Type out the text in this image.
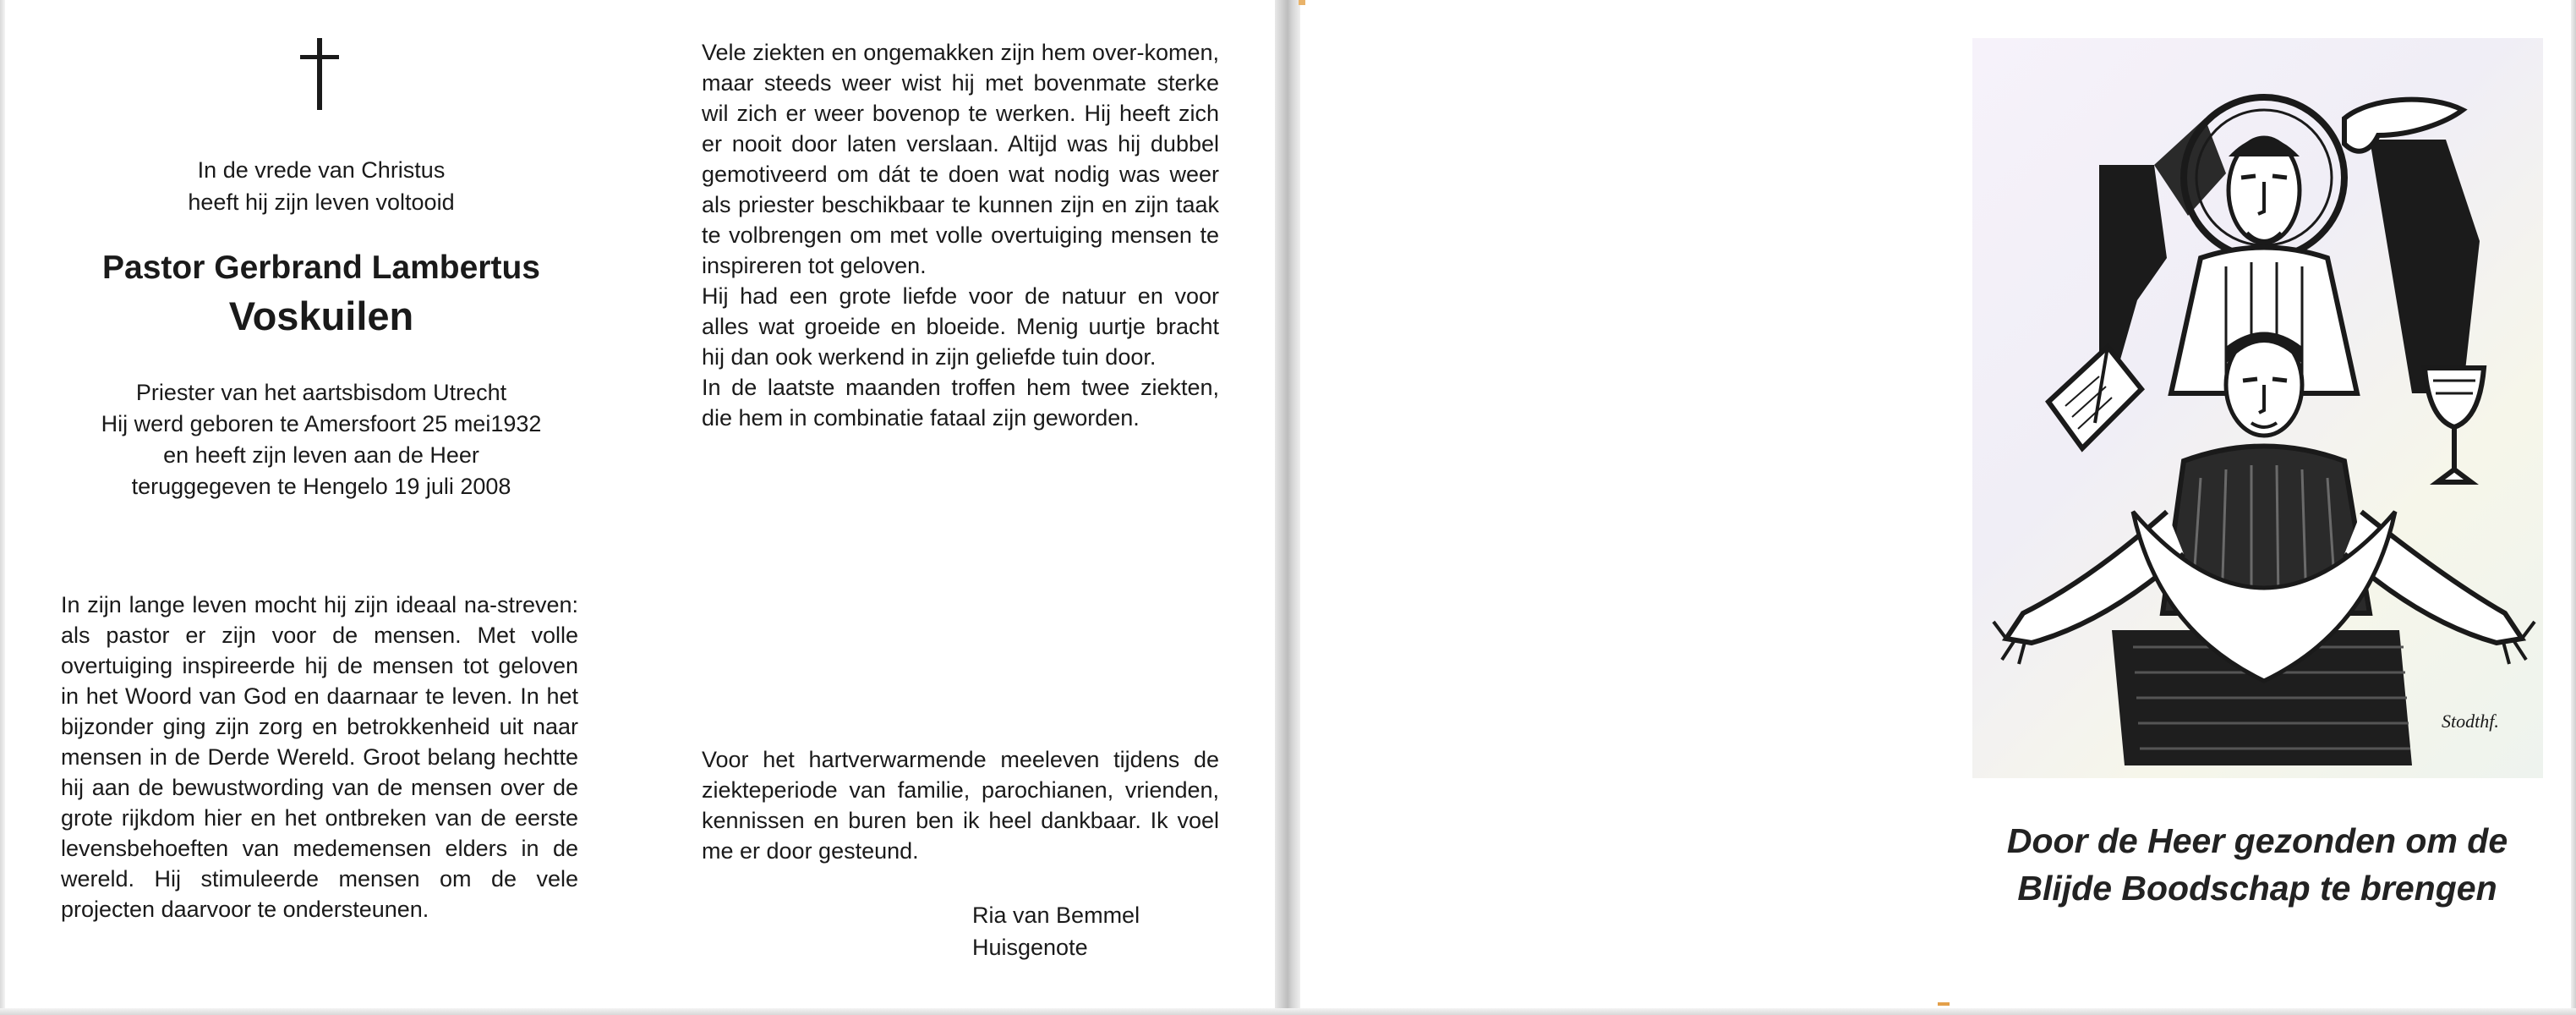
In de vrede van Christus
heeft hij zijn leven voltooid
Pastor Gerbrand Lambertus
Voskuilen
Priester van het aartsbisdom Utrecht
Hij werd geboren te Amersfoort 25 mei1932
en heeft zijn leven aan de Heer
teruggegeven te Hengelo 19 juli 2008

In zijn lange leven mocht hij zijn ideaal na-streven: als pastor er zijn voor de mensen. Met volle overtuiging inspireerde hij de mensen tot geloven in het Woord van God en daarnaar te leven. In het bijzonder ging zijn zorg en betrokkenheid uit naar mensen in de Derde Wereld. Groot belang hechtte hij aan de bewustwording van de mensen over de grote rijkdom hier en het ontbreken van de eerste levensbehoeften van medemensen elders in de wereld. Hij stimuleerde mensen om de vele projecten daarvoor te ondersteunen.

Vele ziekten en ongemakken zijn hem over-komen, maar steeds weer wist hij met bovenmate sterke wil zich er weer bovenop te werken. Hij heeft zich er nooit door laten verslaan. Altijd was hij dubbel gemotiveerd om dát te doen wat nodig was weer als priester beschikbaar te kunnen zijn en zijn taak te volbrengen om met volle overtuiging mensen te inspireren tot geloven.

Hij had een grote liefde voor de natuur en voor alles wat groeide en bloeide. Menig uurtje bracht hij dan ook werkend in zijn geliefde tuin door.

In de laatste maanden troffen hem twee ziekten, die hem in combinatie fataal zijn geworden.

Voor het hartverwarmende meeleven tijdens de ziekteperiode van familie, parochianen, vrienden, kennissen en buren ben ik heel dankbaar. Ik voel me er door gesteund.

Ria van Bemmel
Huisgenote
Stodthf.
Door de Heer gezonden om de
Blijde Boodschap te brengen
